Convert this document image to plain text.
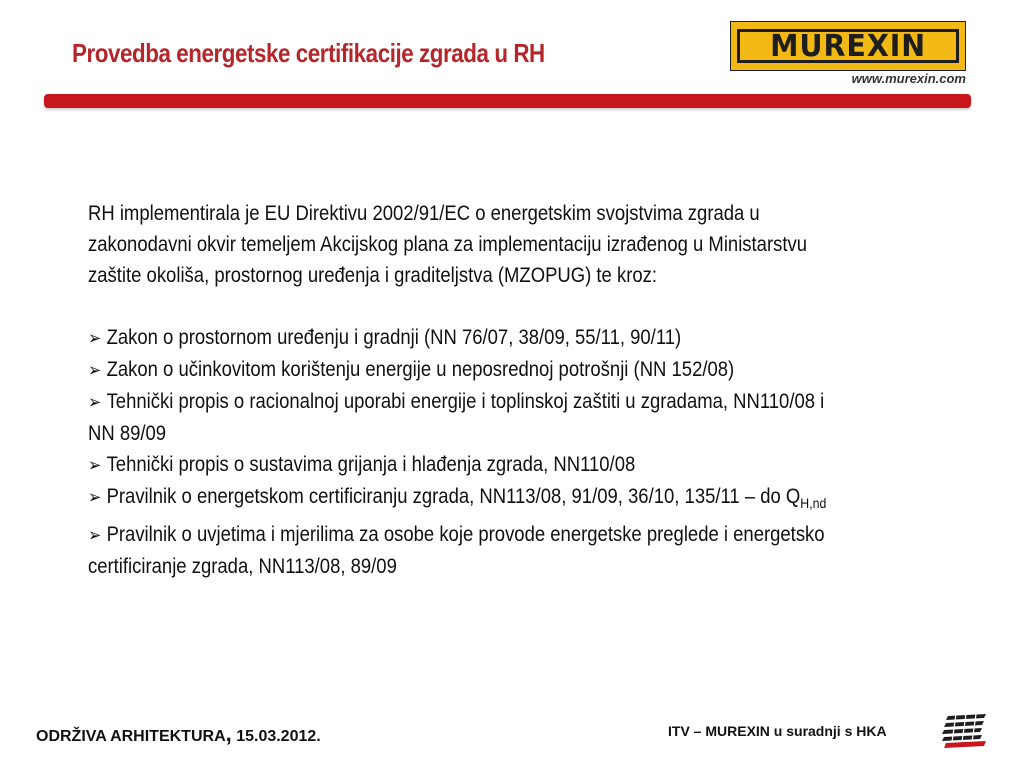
Provedba energetske certifikacije zgrada u RH	MUREXIN
www.murexin.com

RH implementirala je EU Direktivu 2002/91/EC o energetskim svojstvima zgrada u
zakonodavni okvir temeljem Akcijskog plana za implementaciju izrađenog u Ministarstvu
zaštite okoliša, prostornog uređenja i graditeljstva (MZOPUG) te kroz:

➢ Zakon o prostornom uređenju i gradnji (NN 76/07, 38/09, 55/11, 90/11)

➢ Zakon o učinkovitom korištenju energije u neposrednoj potrošnji (NN 152/08)

➢ Tehnički propis o racionalnoj uporabi energije i toplinskoj zaštiti u zgradama, NN110/08 i
NN 89/09

➢ Tehnički propis o sustavima grijanja i hlađenja zgrada, NN110/08

➢ Pravilnik o energetskom certificiranju zgrada, NN113/08, 91/09, 36/10, 135/11 – do $Q_{H,nd}$

➢ Pravilnik o uvjetima i mjerilima za osobe koje provode energetske preglede i energetsko
certificiranje zgrada, NN113/08, 89/09

ODRŽIVA ARHITEKTURA, 15.03.2012.	ITV – MUREXIN u suradnji s HKA
